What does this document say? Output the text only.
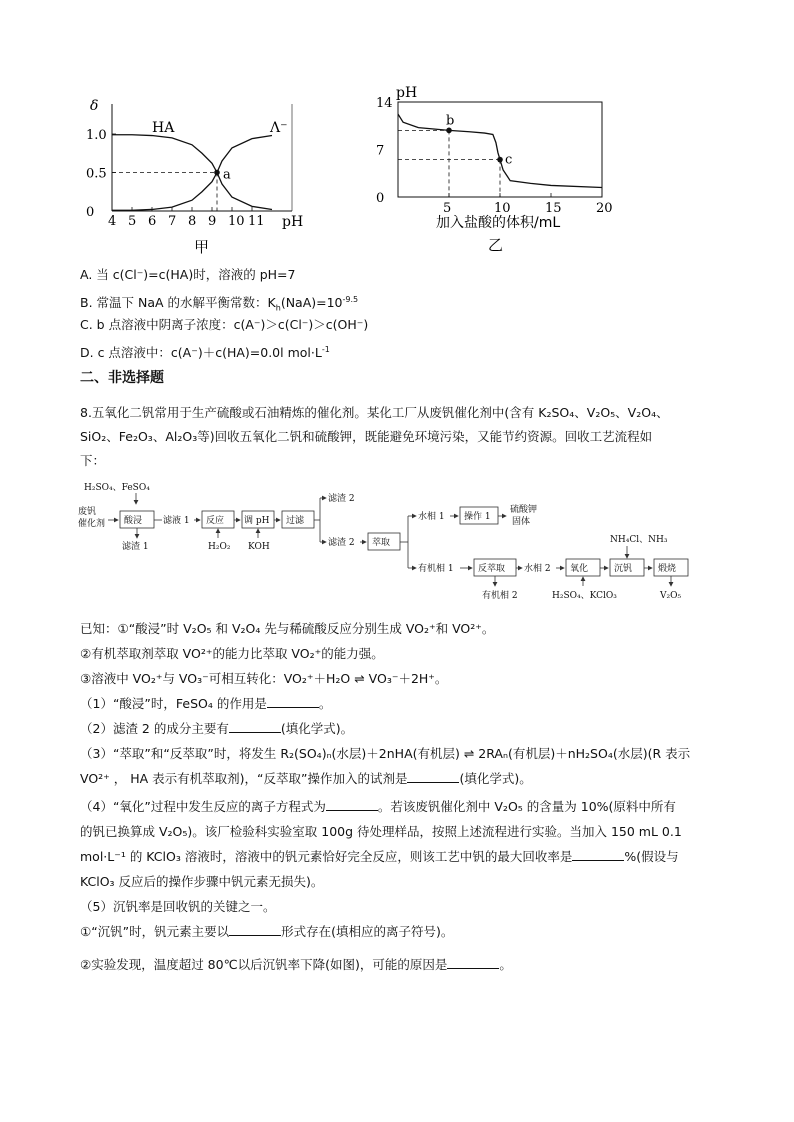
4 5 6 7 8 9 10 11
1.0
0.5
0
δ
pH
a
HA	Λ⁻
甲
5	10	15	20
14
7
0
pH
b
c
加入盐酸的体积/mL
乙
A. 当 c(Cl⁻)=c(HA)时，溶液的 pH=7
B. 常温下 NaA 的水解平衡常数：$K_h(NaA)=10^{-9.5}$
C. b 点溶液中阴离子浓度：c(A⁻)＞c(Cl⁻)＞c(OH⁻)
D. c 点溶液中：c(A⁻)＋c(HA)=0.0l $mol\cdot L^{-1}$
二、非选择题
8.五氧化二钒常用于生产硫酸或石油精炼的催化剂。某化工厂从废钒催化剂中(含有 K₂SO₄、V₂O₅、V₂O₄、
SiO₂、Fe₂O₃、Al₂O₃等)回收五氧化二钒和硫酸钾，既能避免环境污染，又能节约资源。回收工艺流程如
下：
H₂SO₄、FeSO₄
废钒
催化剂 酸浸
滤渣 1
滤液 1 反应
H₂O₂
调 pH
KOH
过滤
滤渣 2
滤渣 2 萃取
水相 1 操作 1
硫酸钾
固体
有机相 1	反萃取
有机相 2
水相 2 氧化
H₂SO₄、KClO₃
沉钒
NH₄Cl、NH₃
煅烧
V₂O₅
已知：①“酸浸”时 V₂O₅ 和 V₂O₄ 先与稀硫酸反应分别生成 VO₂⁺和 VO²⁺。
②有机萃取剂萃取 VO²⁺的能力比萃取 VO₂⁺的能力强。
③溶液中 VO₂⁺与 VO₃⁻可相互转化：VO₂⁺＋H₂O ⇌ VO₃⁻＋2H⁺。
（1）“酸浸”时，FeSO₄ 的作用是	。
（2）滤渣 2 的成分主要有	(填化学式)。
（3）“萃取”和“反萃取”时，将发生 R₂(SO₄)ₙ(水层)＋2nHA(有机层) ⇌ 2RAₙ(有机层)＋nH₂SO₄(水层)(R 表示
VO²⁺ ， HA 表示有机萃取剂)，“反萃取”操作加入的试剂是	(填化学式)。
（4）“氧化”过程中发生反应的离子方程式为	。若该废钒催化剂中 V₂O₅ 的含量为 10%(原料中所有
的钒已换算成 V₂O₅)。该厂检验科实验室取 100g 待处理样品，按照上述流程进行实验。当加入 150 mL 0.1
mol·L⁻¹ 的 KClO₃ 溶液时，溶液中的钒元素恰好完全反应，则该工艺中钒的最大回收率是	%(假设与
KClO₃ 反应后的操作步骤中钒元素无损失)。
（5）沉钒率是回收钒的关键之一。
①“沉钒”时，钒元素主要以	形式存在(填相应的离子符号)。
②实验发现，温度超过 80℃以后沉钒率下降(如图)，可能的原因是	。
